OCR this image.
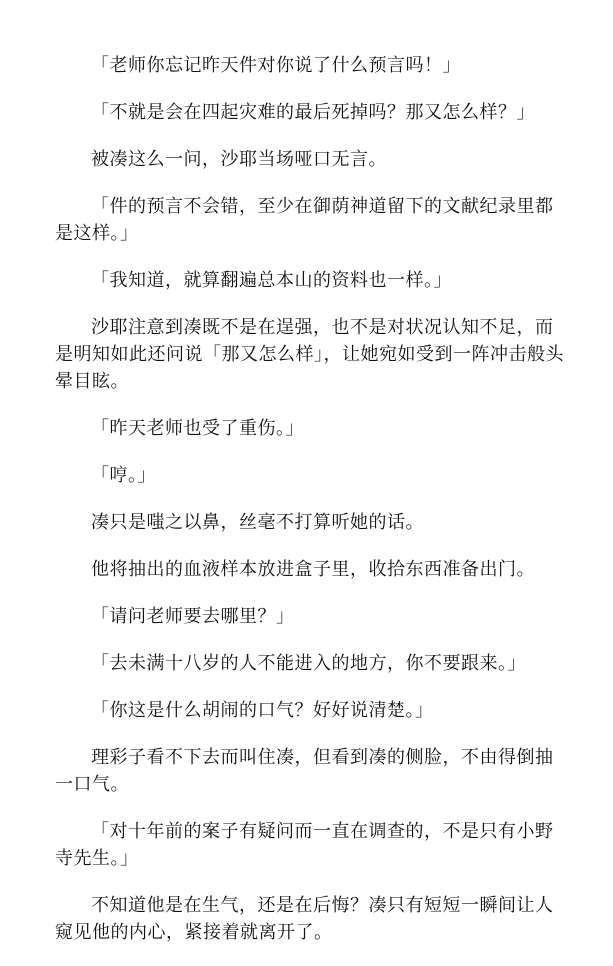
「老师你忘记昨天件对你说了什么预言吗！」

「不就是会在四起灾难的最后死掉吗？那又怎么样？」

被凑这么一问，沙耶当场哑口无言。

「件的预言不会错，至少在御荫神道留下的文献纪录里都是这样。」

「我知道，就算翻遍总本山的资料也一样。」

沙耶注意到凑既不是在逞强，也不是对状况认知不足，而是明知如此还问说「那又怎么样」，让她宛如受到一阵冲击般头晕目眩。

「昨天老师也受了重伤。」

「哼。」

凑只是嗤之以鼻，丝毫不打算听她的话。

他将抽出的血液样本放进盒子里，收拾东西准备出门。

「请问老师要去哪里？」

「去未满十八岁的人不能进入的地方，你不要跟来。」

「你这是什么胡闹的口气？好好说清楚。」

理彩子看不下去而叫住凑，但看到凑的侧脸，不由得倒抽一口气。

「对十年前的案子有疑问而一直在调查的，不是只有小野寺先生。」

不知道他是在生气，还是在后悔？凑只有短短一瞬间让人窥见他的内心，紧接着就离开了。
